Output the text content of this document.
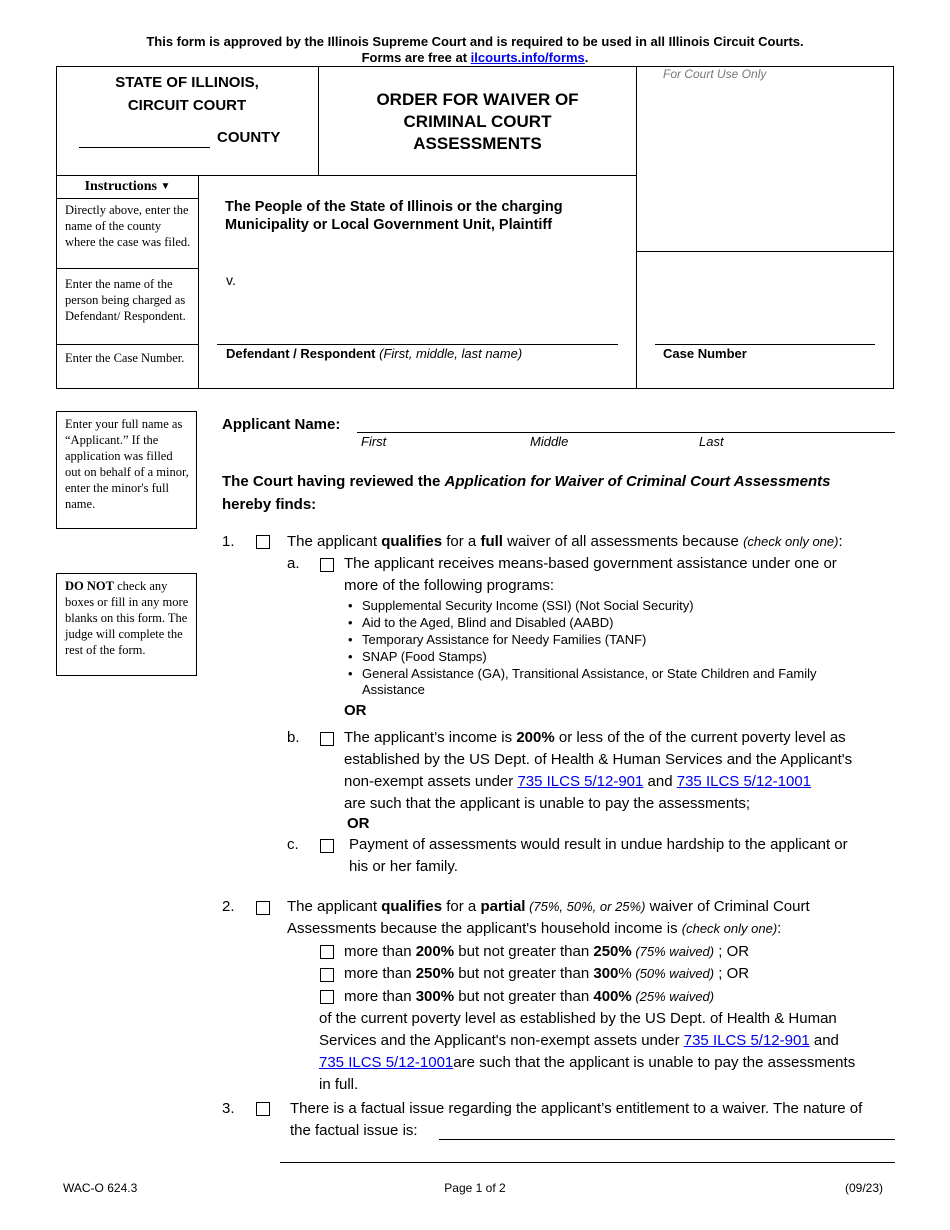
This form is approved by the Illinois Supreme Court and is required to be used in all Illinois Circuit Courts.
Forms are free at ilcourts.info/forms.
STATE OF ILLINOIS,
CIRCUIT COURT
COUNTY
ORDER FOR WAIVER OF
CRIMINAL COURT
ASSESSMENTS
For Court Use Only
Instructions ▼
Directly above, enter the name of the county where the case was filed.
Enter the name of the person being charged as Defendant/ Respondent.
Enter the Case Number.
The People of the State of Illinois or the charging
Municipality or Local Government Unit, Plaintiff
v.
Defendant / Respondent (First, middle, last name)	Case Number
Enter your full name as “Applicant.” If the application was filled out on behalf of a minor, enter the minor's full name.
DO NOT check any boxes or fill in any more blanks on this form. The judge will complete the rest of the form.
Applicant Name:
First	Middle	Last
The Court having reviewed the Application for Waiver of Criminal Court Assessments
hereby finds:
1.	The applicant qualifies for a full waiver of all assessments because (check only one):
a.	The applicant receives means-based government assistance under one or
more of the following programs:
• Supplemental Security Income (SSI) (Not Social Security)
• Aid to the Aged, Blind and Disabled (AABD)
• Temporary Assistance for Needy Families (TANF)
• SNAP (Food Stamps)
• General Assistance (GA), Transitional Assistance, or State Children and Family Assistance
OR
b.	The applicant’s income is 200% or less of the of the current poverty level as
established by the US Dept. of Health & Human Services and the Applicant's
non-exempt assets under 735 ILCS 5/12-901 and 735 ILCS 5/12-1001
are such that the applicant is unable to pay the assessments;
OR
c.	Payment of assessments would result in undue hardship to the applicant or
his or her family.
2.	The applicant qualifies for a partial (75%, 50%, or 25%) waiver of Criminal Court
Assessments because the applicant's household income is (check only one):
more than 200% but not greater than 250% (75% waived) ; OR
more than 250% but not greater than 300% (50% waived) ; OR
more than 300% but not greater than 400% (25% waived)
of the current poverty level as established by the US Dept. of Health & Human
Services and the Applicant's non-exempt assets under 735 ILCS 5/12-901 and
735 ILCS 5/12-1001are such that the applicant is unable to pay the assessments
in full.
3.	There is a factual issue regarding the applicant’s entitlement to a waiver. The nature of
the factual issue is:
WAC-O 624.3	Page 1 of 2	(09/23)
